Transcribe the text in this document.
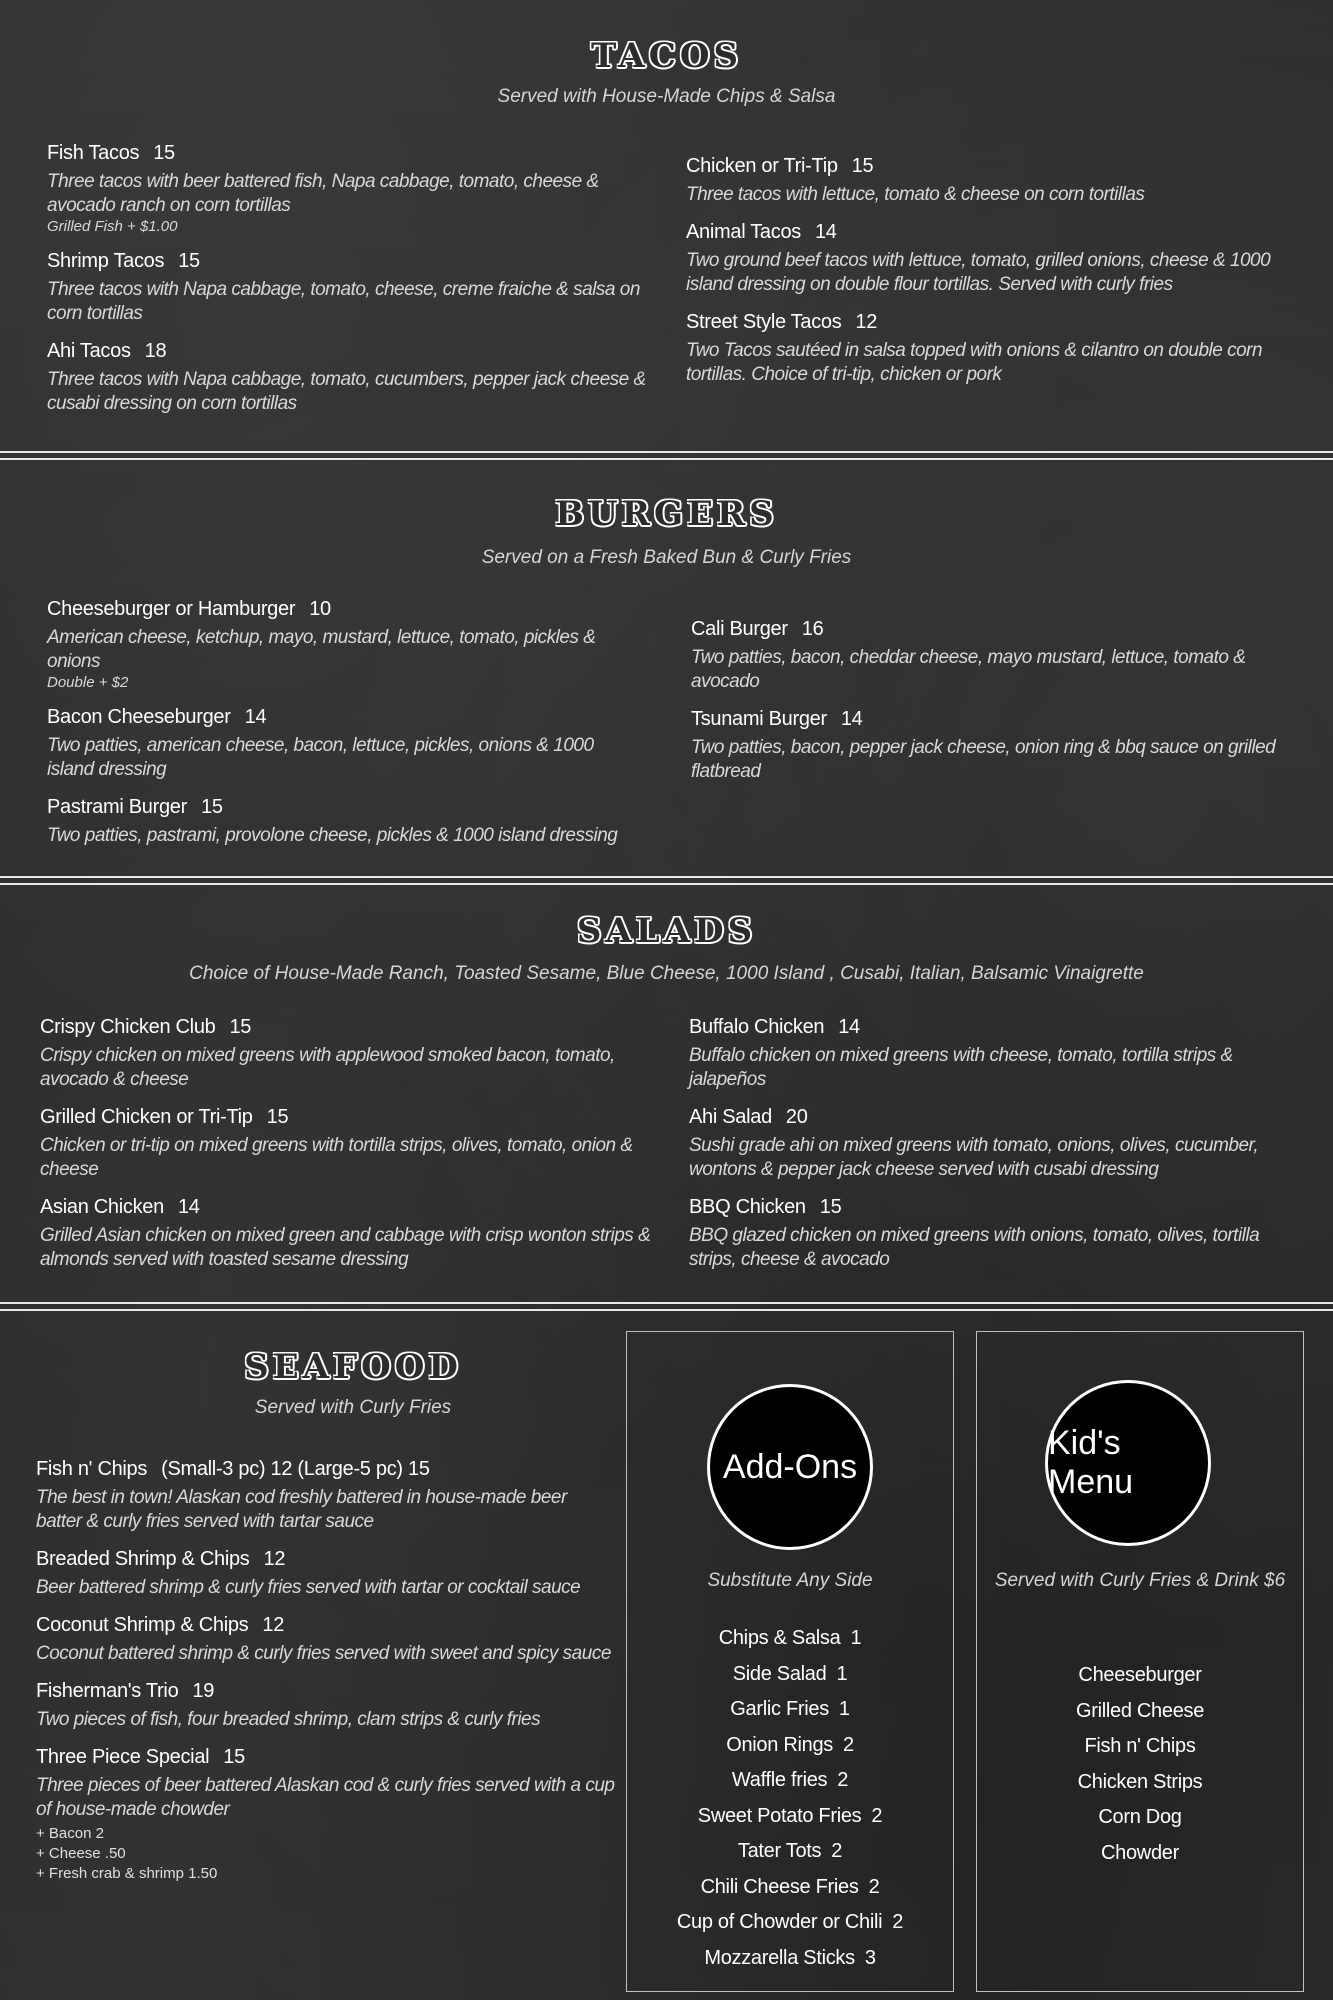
TACOS

Served with House-Made Chips & Salsa

Fish Tacos 15
Three tacos with beer battered fish, Napa cabbage, tomato, cheese & avocado ranch on corn tortillas
Grilled Fish + $1.00
Shrimp Tacos 15
Three tacos with Napa cabbage, tomato, cheese, creme fraiche & salsa on corn tortillas
Ahi Tacos 18
Three tacos with Napa cabbage, tomato, cucumbers, pepper jack cheese & cusabi dressing on corn tortillas
Chicken or Tri-Tip 15
Three tacos with lettuce, tomato & cheese on corn tortillas
Animal Tacos 14
Two ground beef tacos with lettuce, tomato, grilled onions, cheese & 1000 island dressing on double flour tortillas. Served with curly fries
Street Style Tacos 12
Two Tacos sautéed in salsa topped with onions & cilantro on double corn tortillas. Choice of tri-tip, chicken or pork
BURGERS

Served on a Fresh Baked Bun & Curly Fries

Cheeseburger or Hamburger 10
American cheese, ketchup, mayo, mustard, lettuce, tomato, pickles & onions
Double + $2
Bacon Cheeseburger 14
Two patties, american cheese, bacon, lettuce, pickles, onions & 1000 island dressing
Pastrami Burger 15
Two patties, pastrami, provolone cheese, pickles & 1000 island dressing
Cali Burger 16
Two patties, bacon, cheddar cheese, mayo mustard, lettuce, tomato & avocado
Tsunami Burger 14
Two patties, bacon, pepper jack cheese, onion ring & bbq sauce on grilled flatbread
SALADS

Choice of House-Made Ranch, Toasted Sesame, Blue Cheese, 1000 Island , Cusabi, Italian, Balsamic Vinaigrette

Crispy Chicken Club 15
Crispy chicken on mixed greens with applewood smoked bacon, tomato, avocado & cheese
Grilled Chicken or Tri-Tip 15
Chicken or tri-tip on mixed greens with tortilla strips, olives, tomato, onion & cheese
Asian Chicken 14
Grilled Asian chicken on mixed green and cabbage with crisp wonton strips & almonds served with toasted sesame dressing
Buffalo Chicken 14
Buffalo chicken on mixed greens with cheese, tomato, tortilla strips & jalapeños
Ahi Salad 20
Sushi grade ahi on mixed greens with tomato, onions, olives, cucumber, wontons & pepper jack cheese served with cusabi dressing
BBQ Chicken 15
BBQ glazed chicken on mixed greens with onions, tomato, olives, tortilla strips, cheese & avocado
SEAFOOD

Served with Curly Fries

Fish n' Chips (Small-3 pc) 12 (Large-5 pc) 15
The best in town! Alaskan cod freshly battered in house-made beer batter & curly fries served with tartar sauce
Breaded Shrimp & Chips 12
Beer battered shrimp & curly fries served with tartar or cocktail sauce
Coconut Shrimp & Chips 12
Coconut battered shrimp & curly fries served with sweet and spicy sauce
Fisherman's Trio 19
Two pieces of fish, four breaded shrimp, clam strips & curly fries
Three Piece Special 15
Three pieces of beer battered Alaskan cod & curly fries served with a cup of house-made chowder
+ Bacon 2
+ Cheese .50
+ Fresh crab & shrimp 1.50
Add-Ons
Substitute Any Side
Chips & Salsa 1
Side Salad 1
Garlic Fries 1
Onion Rings 2
Waffle fries 2
Sweet Potato Fries 2
Tater Tots 2
Chili Cheese Fries 2
Cup of Chowder or Chili 2
Mozzarella Sticks 3
Kid's Menu
Served with Curly Fries & Drink $6
Cheeseburger
Grilled Cheese
Fish n' Chips
Chicken Strips
Corn Dog
Chowder
